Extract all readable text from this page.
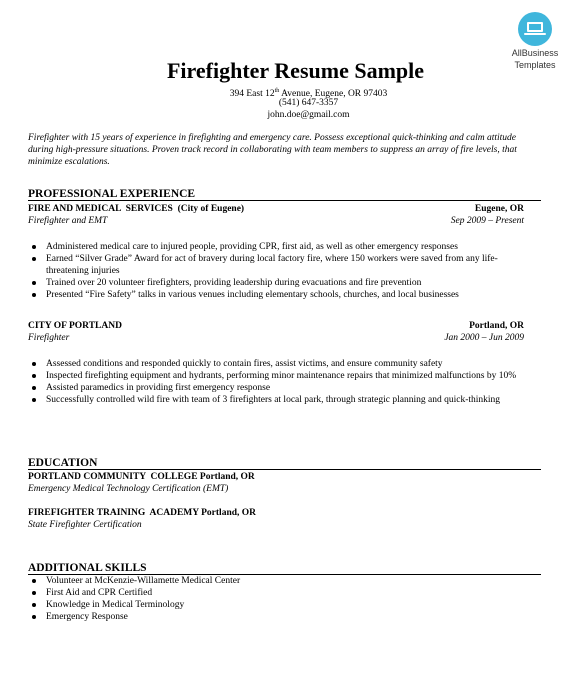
AllBusiness
Templates
Firefighter Resume Sample
394 East 12th Avenue, Eugene, OR 97403
(541) 647-3357
john.doe@gmail.com
Firefighter with 15 years of experience in firefighting and emergency care. Possess exceptional quick-thinking and calm attitude during high-pressure situations. Proven track record in collaborating with team members to suppress an array of fire levels, that minimize escalations.
PROFESSIONAL EXPERIENCE
FIRE AND MEDICAL  SERVICES  (City of Eugene)	Eugene, OR
Firefighter and EMT	Sep 2009 – Present
Administered medical care to injured people, providing CPR, first aid, as well as other emergency responses
Earned “Silver Grade” Award for act of bravery during local factory fire, where 150 workers were saved from any life-threatening injuries
Trained over 20 volunteer firefighters, providing leadership during evacuations and fire prevention
Presented “Fire Safety” talks in various venues including elementary schools, churches, and local businesses
CITY OF PORTLAND	Portland, OR
Firefighter	Jan 2000 – Jun 2009
Assessed conditions and responded quickly to contain fires, assist victims, and ensure community safety
Inspected firefighting equipment and hydrants, performing minor maintenance repairs that minimized malfunctions by 10%
Assisted paramedics in providing first emergency response
Successfully controlled wild fire with team of 3 firefighters at local park, through strategic planning and quick-thinking
EDUCATION
PORTLAND COMMUNITY  COLLEGE Portland, OR
Emergency Medical Technology Certification (EMT)
FIREFIGHTER TRAINING  ACADEMY Portland, OR
State Firefighter Certification
ADDITIONAL SKILLS
Volunteer at McKenzie-Willamette Medical Center
First Aid and CPR Certified
Knowledge in Medical Terminology
Emergency Response
